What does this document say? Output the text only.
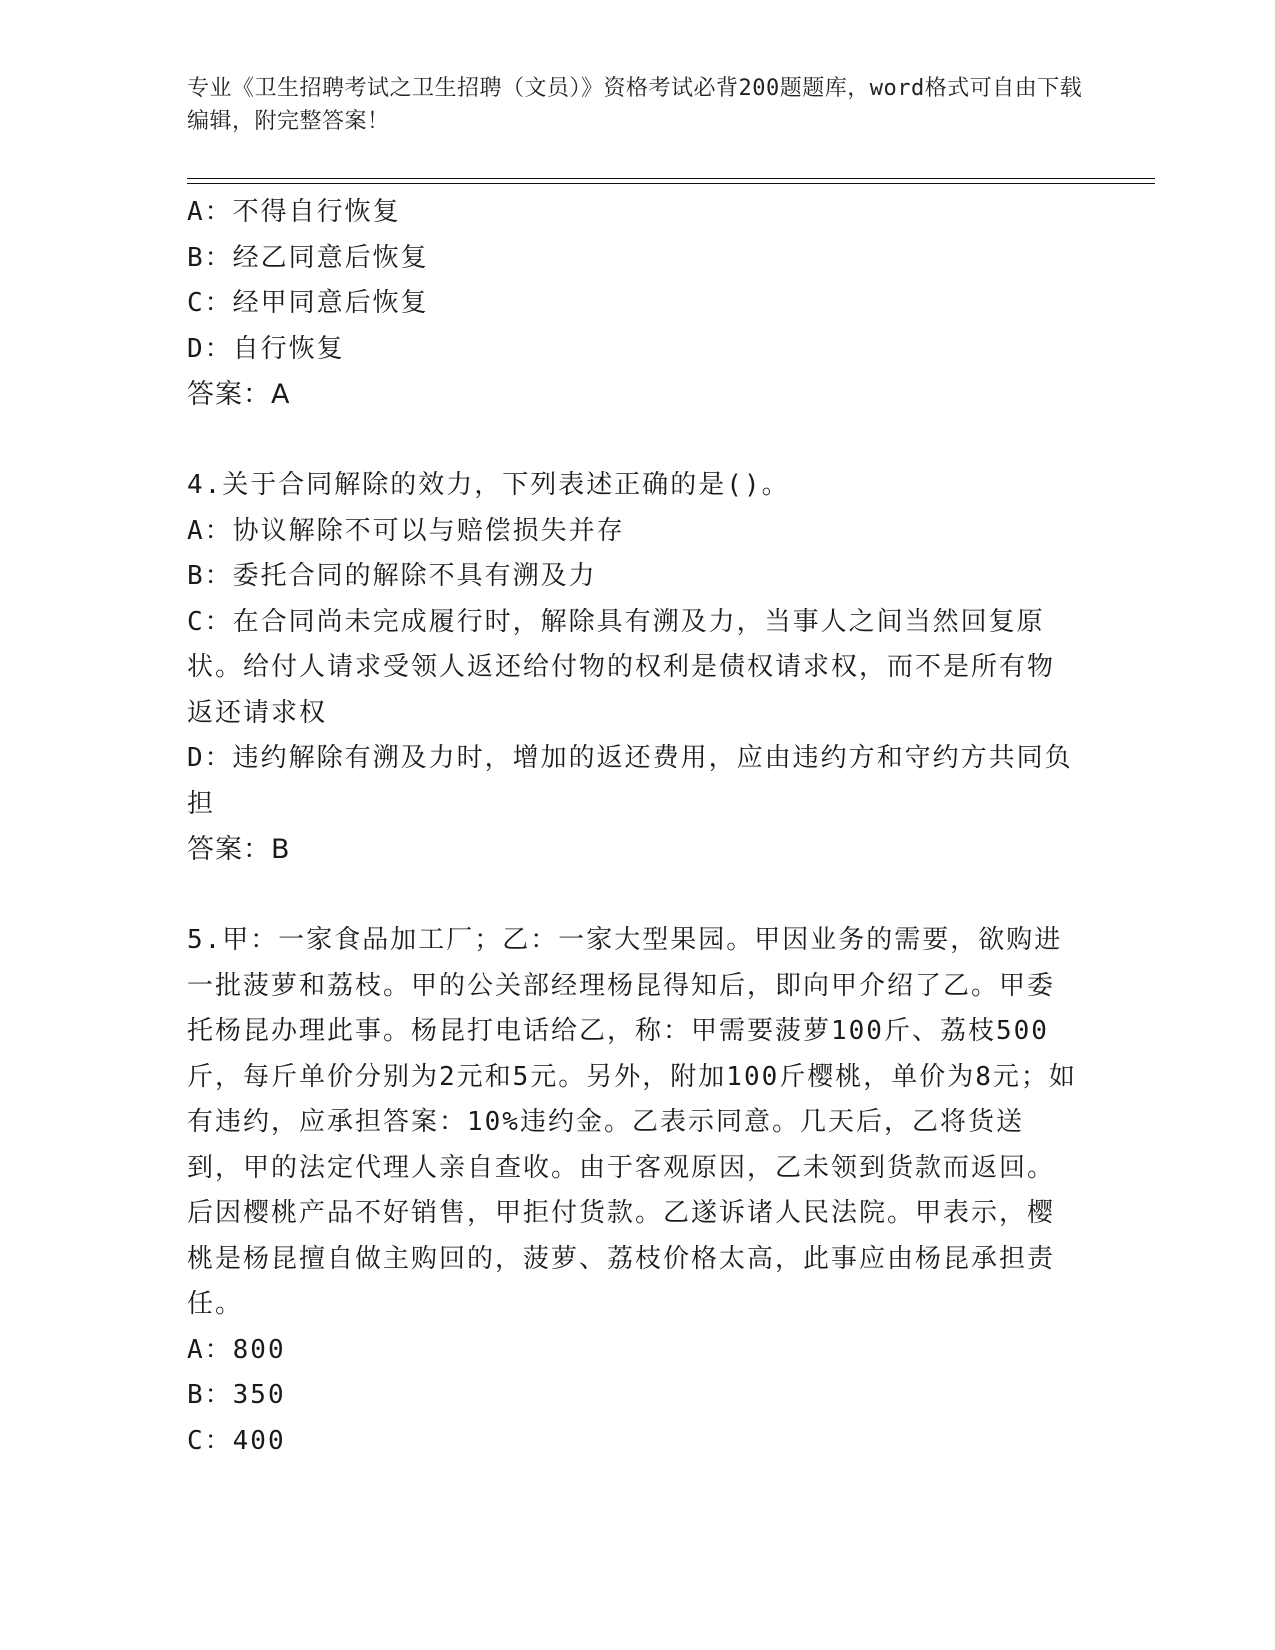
专业《卫生招聘考试之卫生招聘（文员）》资格考试必背200题题库，word格式可自由下载编辑，附完整答案！
A：不得自行恢复
B：经乙同意后恢复
C：经甲同意后恢复
D：自行恢复
答案：A
4.关于合同解除的效力，下列表述正确的是()。
A：协议解除不可以与赔偿损失并存
B：委托合同的解除不具有溯及力
C：在合同尚未完成履行时，解除具有溯及力，当事人之间当然回复原状。给付人请求受领人返还给付物的权利是债权请求权，而不是所有物返还请求权
D：违约解除有溯及力时，增加的返还费用，应由违约方和守约方共同负担
答案：B
5.甲：一家食品加工厂；乙：一家大型果园。甲因业务的需要，欲购进一批菠萝和荔枝。甲的公关部经理杨昆得知后，即向甲介绍了乙。甲委托杨昆办理此事。杨昆打电话给乙，称：甲需要菠萝100斤、荔枝500斤，每斤单价分别为2元和5元。另外，附加100斤樱桃，单价为8元；如有违约，应承担答案：10%违约金。乙表示同意。几天后，乙将货送到，甲的法定代理人亲自查收。由于客观原因，乙未领到货款而返回。后因樱桃产品不好销售，甲拒付货款。乙遂诉诸人民法院。甲表示，樱桃是杨昆擅自做主购回的，菠萝、荔枝价格太高，此事应由杨昆承担责任。
A：800
B：350
C：400
